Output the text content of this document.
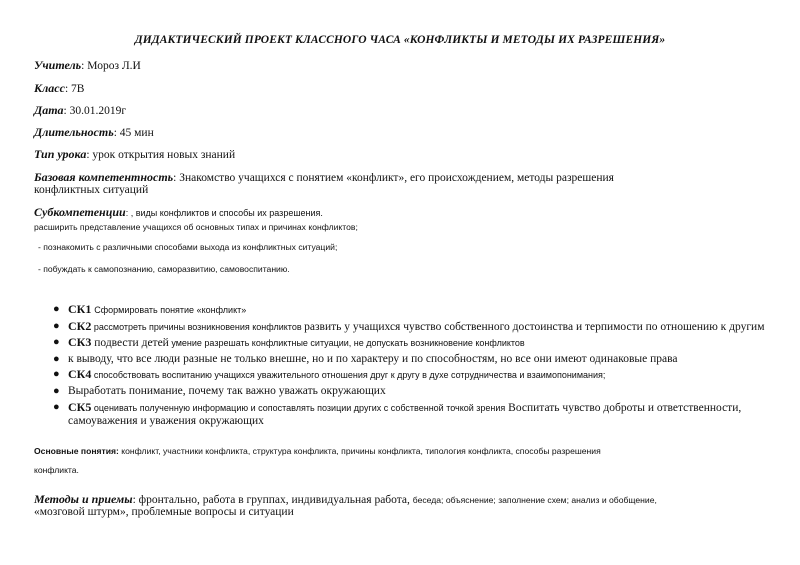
ДИДАКТИЧЕСКИЙ ПРОЕКТ КЛАССНОГО ЧАСА «КОНФЛИКТЫ И МЕТОДЫ ИХ РАЗРЕШЕНИЯ»
Учитель: Мороз Л.И
Класс: 7В
Дата: 30.01.2019г
Длительность: 45 мин
Тип урока: урок открытия новых знаний
Базовая компетентность: Знакомство учащихся с понятием «конфликт», его происхождением, методы разрешения
конфликтных ситуаций
Субкомпетенции: , виды конфликтов и способы их разрешения.
расширить представление учащихся об основных типах и причинах конфликтов;
- познакомить с различными способами выхода из конфликтных ситуаций;
- побуждать к самопознанию, саморазвитию, самовоспитанию.
● СК1 Сформировать понятие «конфликт»
● СК2 рассмотреть причины возникновения конфликтов развить у учащихся чувство собственного достоинства и терпимости по отношению к другим
● СК3 подвести детей умение разрешать конфликтные ситуации, не допускать возникновение конфликтов
● к выводу, что все люди разные не только внешне, но и по характеру и по способностям, но все они имеют одинаковые права
● СК4 способствовать воспитанию учащихся уважительного отношения друг к другу в духе сотрудничества и взаимопонимания;
● Выработать понимание, почему так важно уважать окружающих
● СК5 оценивать полученную информацию и сопоставлять позиции других с собственной точкой зрения Воспитать чувство доброты и ответственности, самоуважения и уважения окружающих
Основные понятия: конфликт, участники конфликта, структура конфликта, причины конфликта, типология конфликта, способы разрешения
конфликта.
Методы и приемы: фронтально, работа в группах, индивидуальная работа, беседа; объяснение; заполнение схем; анализ и обобщение,
«мозговой штурм», проблемные вопросы и ситуации
